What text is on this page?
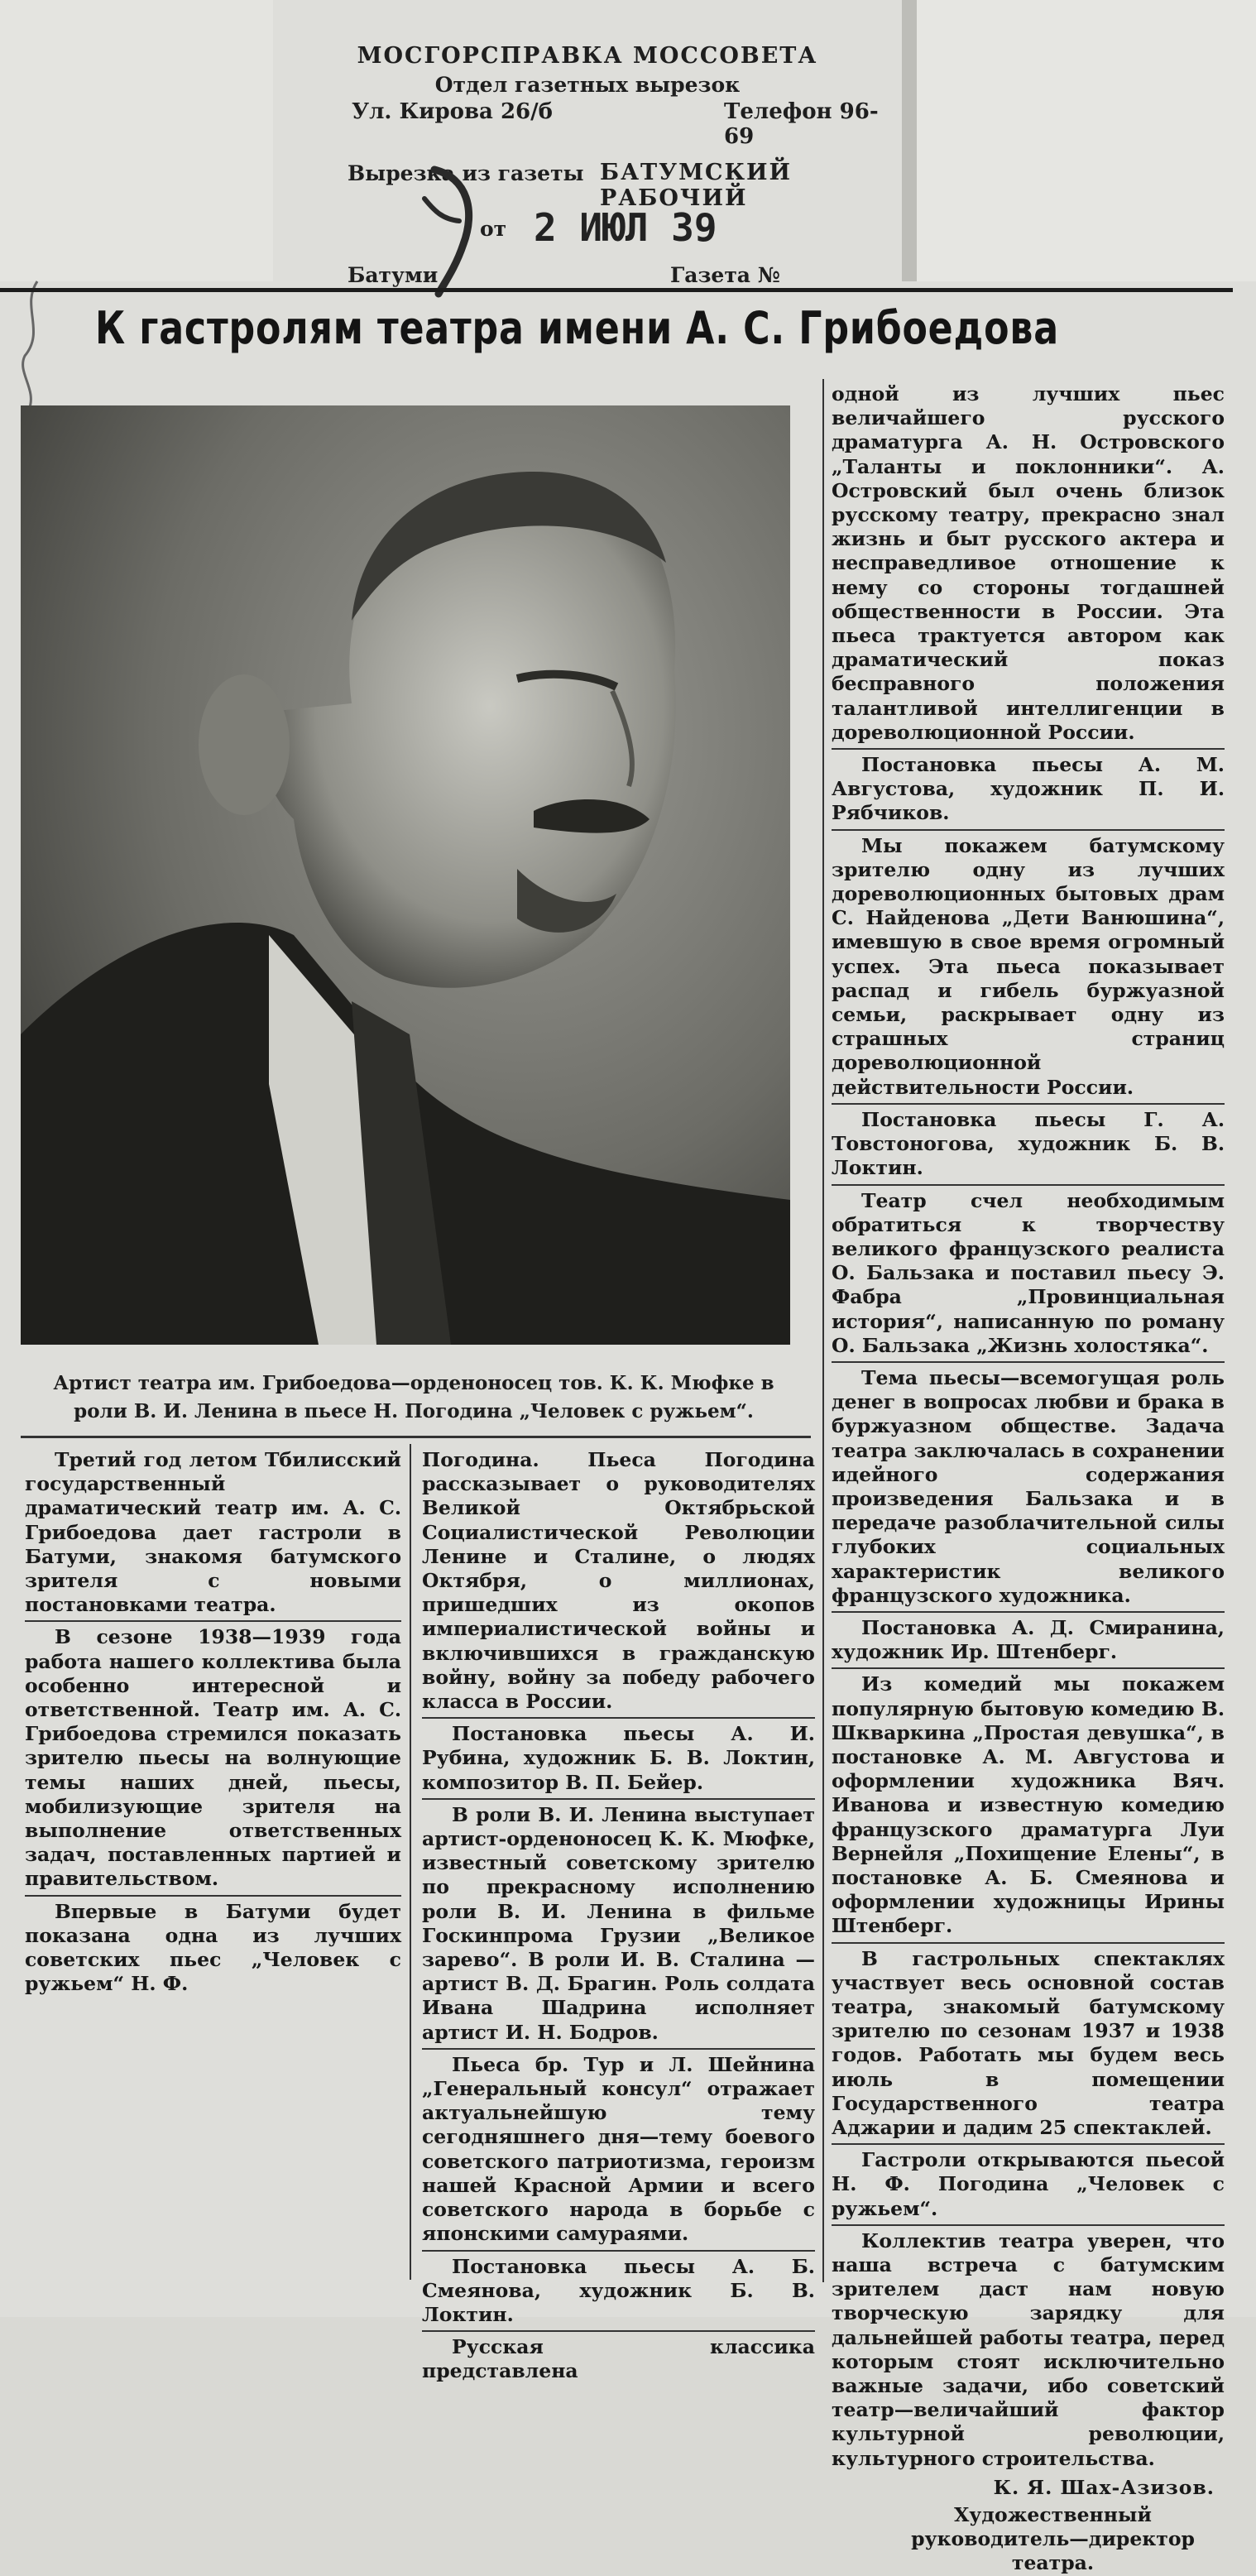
МОСГОРСПРАВКА МОССОВЕТА
Отдел газетных вырезок
Ул. Кирова 26/б	Телефон 96-69
Вырезка из газеты БАТУМСКИЙ РАБОЧИЙ
от 2 ИЮЛ 39
Батуми	Газета №
К гастролям театра имени А. С. Грибоедова
Артист театра им. Грибоедова—орденоносец тов. К. К. Мюфке в роли В. И. Ленина в пьесе Н. Погодина „Человек с ружьем“.

Третий год летом Тбилисский государственный драматический театр им. А. С. Грибоедова дает гастроли в Батуми, знакомя батумского зрителя с новыми постановками театра.

В сезоне 1938—1939 года работа нашего коллектива была особенно интересной и ответственной. Театр им. А. С. Грибоедова стремился показать зрителю пьесы на волнующие темы наших дней, пьесы, мобилизующие зрителя на выполнение ответственных задач, поставленных партией и правительством.

Впервые в Батуми будет показана одна из лучших советских пьес „Человек с ружьем“ Н. Ф.

Погодина. Пьеса Погодина рассказывает о руководителях Великой Октябрьской Социалистической Революции Ленине и Сталине, о людях Октября, о миллионах, пришедших из окопов империалистической войны и включившихся в гражданскую войну, войну за победу рабочего класса в России.

Постановка пьесы А. И. Рубина, художник Б. В. Локтин, композитор В. П. Бейер.

В роли В. И. Ленина выступает артист-орденоносец К. К. Мюфке, известный советскому зрителю по прекрасному исполнению роли В. И. Ленина в фильме Госкинпрома Грузии „Великое зарево“. В роли И. В. Сталина — артист В. Д. Брагин. Роль солдата Ивана Шадрина исполняет артист И. Н. Бодров.

Пьеса бр. Тур и Л. Шейнина „Генеральный консул“ отражает актуальнейшую тему сегодняшнего дня—тему боевого советского патриотизма, героизм нашей Красной Армии и всего советского народа в борьбе с японскими самураями.

Постановка пьесы А. Б. Смеянова, художник Б. В. Локтин.

Русская классика представлена

одной из лучших пьес величайшего русского драматурга А. Н. Островского „Таланты и поклонники“. А. Островский был очень близок русскому театру, прекрасно знал жизнь и быт русского актера и несправедливое отношение к нему со стороны тогдашней общественности в России. Эта пьеса трактуется автором как драматический показ бесправного положения талантливой интеллигенции в дореволюционной России.

Постановка пьесы А. М. Августова, художник П. И. Рябчиков.

Мы покажем батумскому зрителю одну из лучших дореволюционных бытовых драм С. Найденова „Дети Ванюшина“, имевшую в свое время огромный успех. Эта пьеса показывает распад и гибель буржуазной семьи, раскрывает одну из страшных страниц дореволюционной действительности России.

Постановка пьесы Г. А. Товстоногова, художник Б. В. Локтин.

Театр счел необходимым обратиться к творчеству великого французского реалиста О. Бальзака и поставил пьесу Э. Фабра „Провинциальная история“, написанную по роману О. Бальзака „Жизнь холостяка“.

Тема пьесы—всемогущая роль денег в вопросах любви и брака в буржуазном обществе. Задача театра заключалась в сохранении идейного содержания произведения Бальзака и в передаче разоблачительной силы глубоких социальных характеристик великого французского художника.

Постановка А. Д. Смиранина, художник Ир. Штенберг.

Из комедий мы покажем популярную бытовую комедию В. Шкваркина „Простая девушка“, в постановке А. М. Августова и оформлении художника Вяч. Иванова и известную комедию французского драматурга Луи Вернейля „Похищение Елены“, в постановке А. Б. Смеянова и оформлении художницы Ирины Штенберг.

В гастрольных спектаклях участвует весь основной состав театра, знакомый батумскому зрителю по сезонам 1937 и 1938 годов. Работать мы будем весь июль в помещении Государственного театра Аджарии и дадим 25 спектаклей.

Гастроли открываются пьесой Н. Ф. Погодина „Человек с ружьем“.

Коллектив театра уверен, что наша встреча с батумским зрителем даст нам новую творческую зарядку для дальнейшей работы театра, перед которым стоят исключительно важные задачи, ибо советский театр—величайший фактор культурной революции, культурного строительства.

К. Я. Шах-Азизов.
Художественный руководитель—директор театра.
